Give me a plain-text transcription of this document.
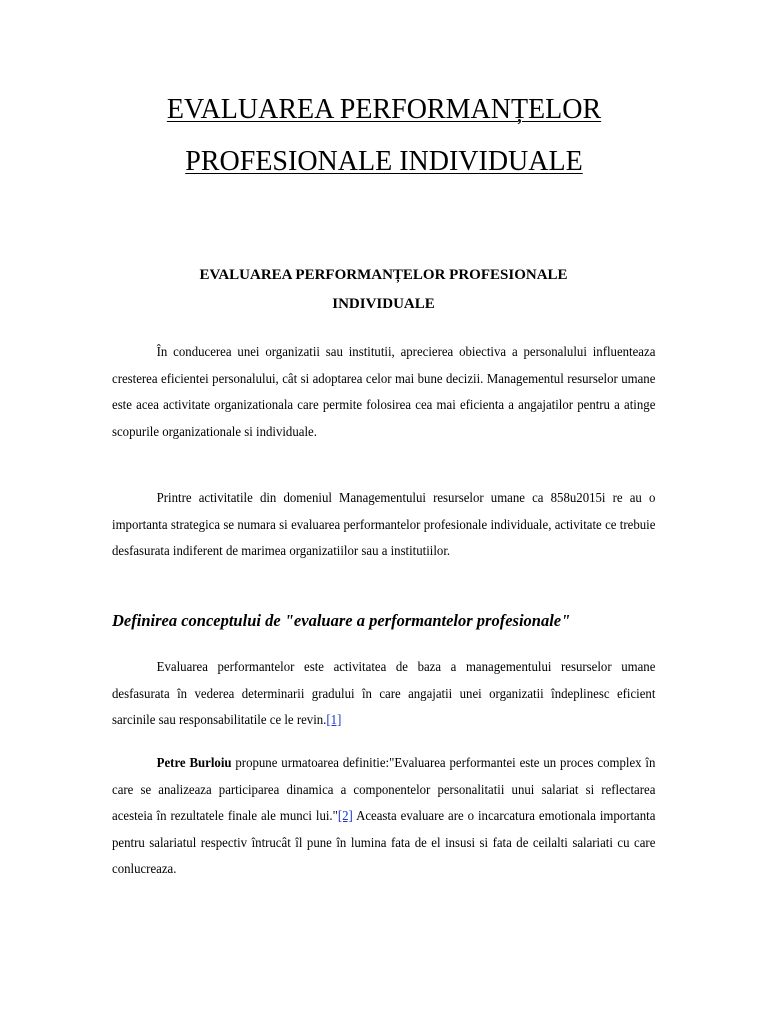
EVALUAREA PERFORMANȚELOR
PROFESIONALE INDIVIDUALE
EVALUAREA PERFORMANȚELOR PROFESIONALE
INDIVIDUALE

În conducerea unei organizatii sau institutii, aprecierea obiectiva a personalului influenteaza cresterea eficientei personalului, cât si adoptarea celor mai bune decizii. Managementul resurselor umane este acea activitate organizationala care permite folosirea cea mai eficienta a angajatilor pentru a atinge scopurile organizationale si individuale.

Printre activitatile din domeniul Managementului resurselor umane ca 858u2015i re au o importanta strategica se numara si evaluarea performantelor profesionale individuale, activitate ce trebuie desfasurata indiferent de marimea organizatiilor sau a institutiilor.

Definirea conceptului de "evaluare a performantelor profesionale"

Evaluarea performantelor este activitatea de baza a managementului resurselor umane desfasurata în vederea determinarii gradului în care angajatii unei organizatii îndeplinesc eficient sarcinile sau responsabilitatile ce le revin.[1]

Petre Burloiu propune urmatoarea definitie:"Evaluarea performantei este un proces complex în care se analizeaza participarea dinamica a componentelor personalitatii unui salariat si reflectarea acesteia în rezultatele finale ale munci lui."[2] Aceasta evaluare are o incarcatura emotionala importanta pentru salariatul respectiv întrucât îl pune în lumina fata de el insusi si fata de ceilalti salariati cu care conlucreaza.
